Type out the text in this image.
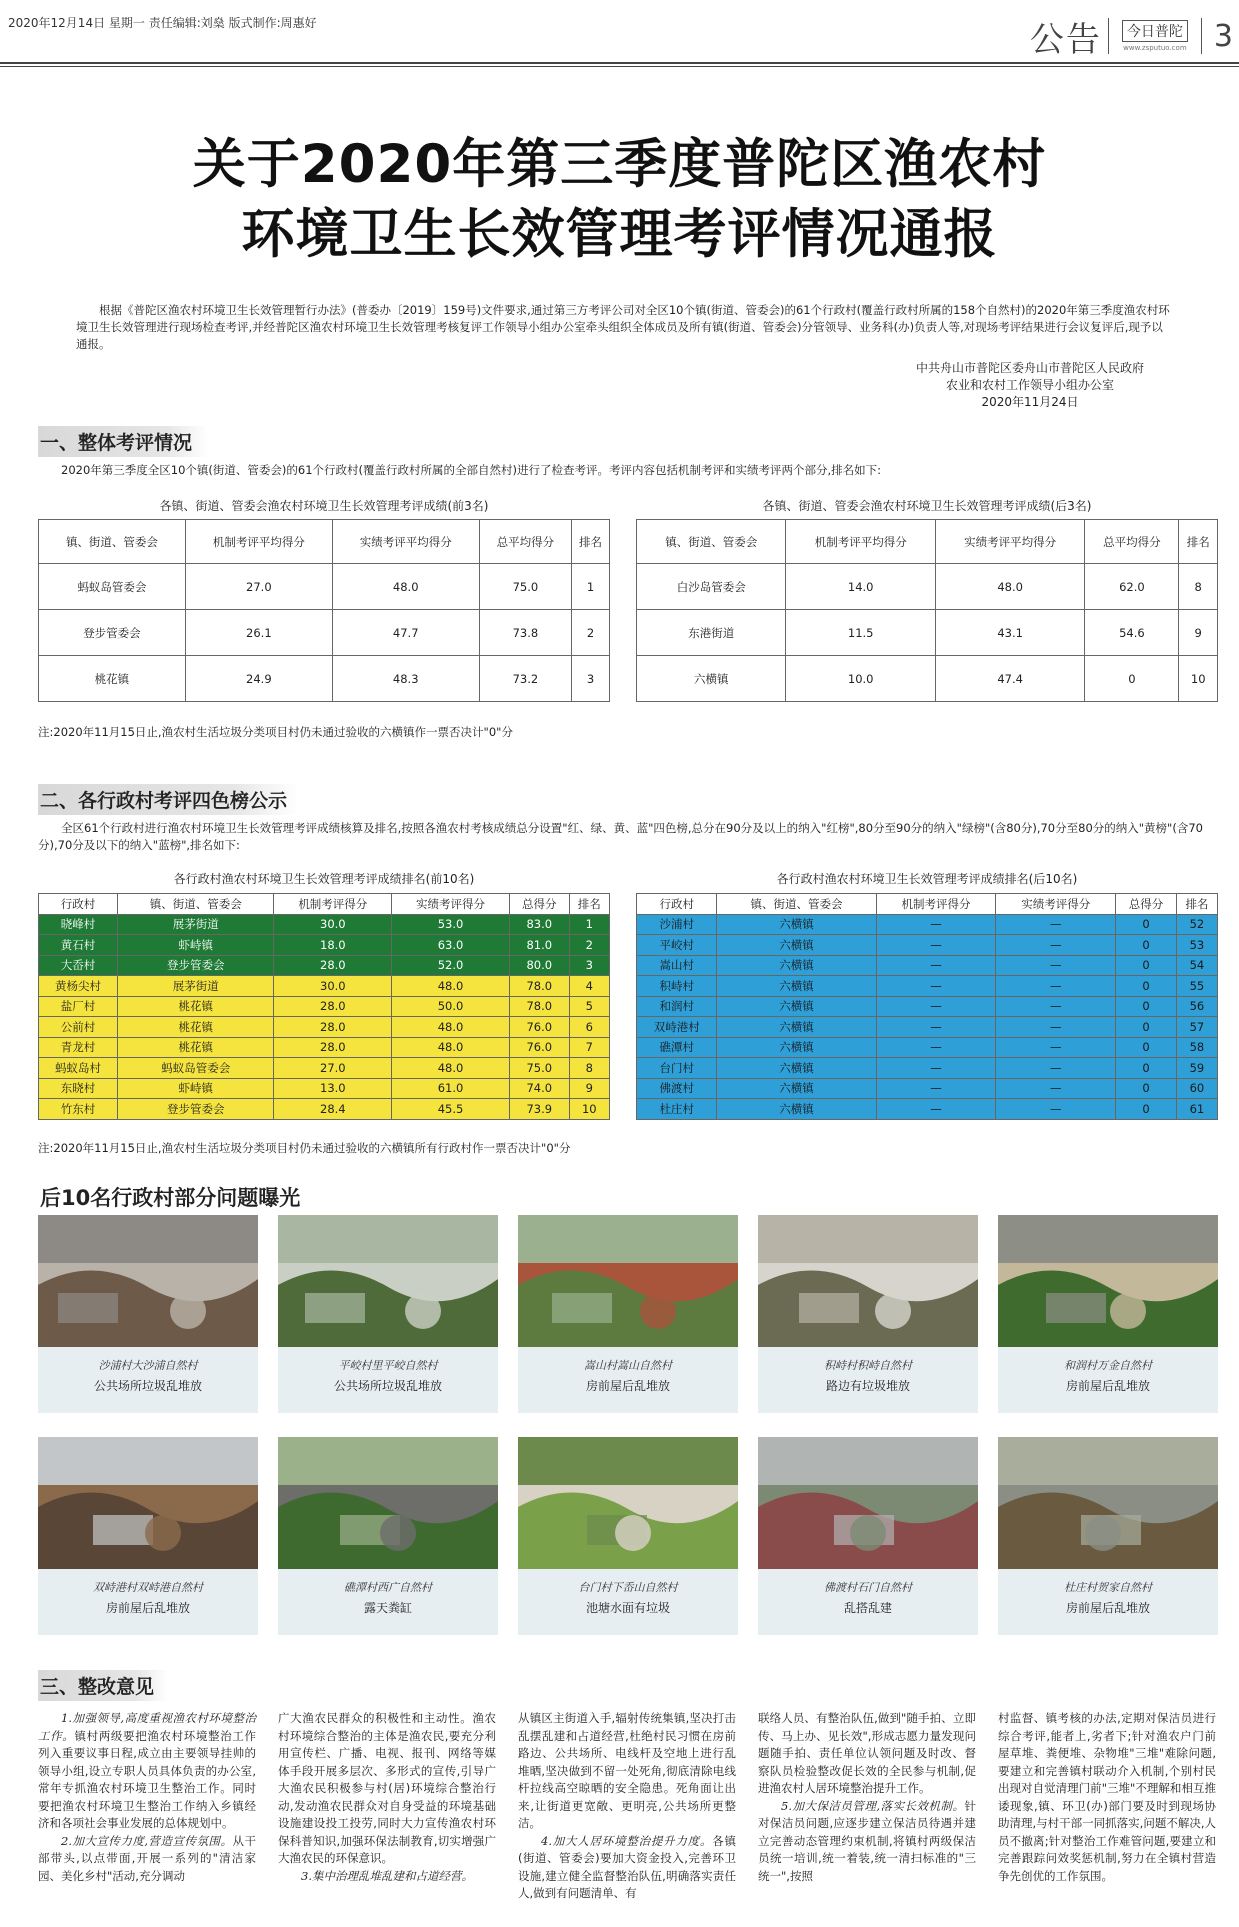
2020年12月14日 星期一 责任编辑:刘燊 版式制作:周惠好	公告	今日普陀
www.zsputuo.com 3
关于2020年第三季度普陀区渔农村
环境卫生长效管理考评情况通报
根据《普陀区渔农村环境卫生长效管理暂行办法》(普委办〔2019〕159号)文件要求,通过第三方考评公司对全区10个镇(街道、管委会)的61个行政村(覆盖行政村所属的158个自然村)的2020年第三季度渔农村环境卫生长效管理进行现场检查考评,并经普陀区渔农村环境卫生长效管理考核复评工作领导小组办公室牵头组织全体成员及所有镇(街道、管委会)分管领导、业务科(办)负责人等,对现场考评结果进行会议复评后,现予以通报。
中共舟山市普陀区委舟山市普陀区人民政府
农业和农村工作领导小组办公室
2020年11月24日
一、整体考评情况
2020年第三季度全区10个镇(街道、管委会)的61个行政村(覆盖行政村所属的全部自然村)进行了检查考评。考评内容包括机制考评和实绩考评两个部分,排名如下:
各镇、街道、管委会渔农村环境卫生长效管理考评成绩(前3名)
镇、街道、管委会	机制考评平均得分	实绩考评平均得分	总平均得分	排名
蚂蚁岛管委会	27.0	48.0	75.0	1
登步管委会	26.1	47.7	73.8	2
桃花镇	24.9	48.3	73.2	3
各镇、街道、管委会渔农村环境卫生长效管理考评成绩(后3名)
镇、街道、管委会	机制考评平均得分	实绩考评平均得分	总平均得分	排名
白沙岛管委会	14.0	48.0	62.0	8
东港街道	11.5	43.1	54.6	9
六横镇	10.0	47.4	0	10
注:2020年11月15日止,渔农村生活垃圾分类项目村仍未通过验收的六横镇作一票否决计"0"分
二、各行政村考评四色榜公示
全区61个行政村进行渔农村环境卫生长效管理考评成绩核算及排名,按照各渔农村考核成绩总分设置"红、绿、黄、蓝"四色榜,总分在90分及以上的纳入"红榜",80分至90分的纳入"绿榜"(含80分),70分至80分的纳入"黄榜"(含70分),70分及以下的纳入"蓝榜",排名如下:
各行政村渔农村环境卫生长效管理考评成绩排名(前10名)
行政村	镇、街道、管委会	机制考评得分	实绩考评得分	总得分	排名
晓峰村	展茅街道	30.0	53.0	83.0	1
黄石村	虾峙镇	18.0	63.0	81.0	2
大岙村	登步管委会	28.0	52.0	80.0	3
黄杨尖村	展茅街道	30.0	48.0	78.0	4
盐厂村	桃花镇	28.0	50.0	78.0	5
公前村	桃花镇	28.0	48.0	76.0	6
青龙村	桃花镇	28.0	48.0	76.0	7
蚂蚁岛村	蚂蚁岛管委会	27.0	48.0	75.0	8
东晓村	虾峙镇	13.0	61.0	74.0	9
竹东村	登步管委会	28.4	45.5	73.9	10
各行政村渔农村环境卫生长效管理考评成绩排名(后10名)
行政村	镇、街道、管委会	机制考评得分	实绩考评得分	总得分	排名
沙浦村	六横镇	—	—	0	52
平峧村	六横镇	—	—	0	53
嵩山村	六横镇	—	—	0	54
积峙村	六横镇	—	—	0	55
和润村	六横镇	—	—	0	56
双峙港村	六横镇	—	—	0	57
礁潭村	六横镇	—	—	0	58
台门村	六横镇	—	—	0	59
佛渡村	六横镇	—	—	0	60
杜庄村	六横镇	—	—	0	61
注:2020年11月15日止,渔农村生活垃圾分类项目村仍未通过验收的六横镇所有行政村作一票否决计"0"分
后10名行政村部分问题曝光
沙浦村大沙浦自然村
公共场所垃圾乱堆放
平峧村里平峧自然村
公共场所垃圾乱堆放
嵩山村嵩山自然村
房前屋后乱堆放
积峙村积峙自然村
路边有垃圾堆放
和润村万金自然村
房前屋后乱堆放
双峙港村双峙港自然村
房前屋后乱堆放
礁潭村西广自然村
露天粪缸
台门村下岙山自然村
池塘水面有垃圾
佛渡村石门自然村
乱搭乱建
杜庄村贺家自然村
房前屋后乱堆放
三、整改意见

1.加强领导,高度重视渔农村环境整治工作。镇村两级要把渔农村环境整治工作列入重要议事日程,成立由主要领导挂帅的领导小组,设立专职人员具体负责的办公室,常年专抓渔农村环境卫生整治工作。同时要把渔农村环境卫生整治工作纳入乡镇经济和各项社会事业发展的总体规划中。

2.加大宣传力度,营造宣传氛围。从干部带头,以点带面,开展一系列的"清洁家园、美化乡村"活动,充分调动

广大渔农民群众的积极性和主动性。渔农村环境综合整治的主体是渔农民,要充分利用宣传栏、广播、电视、报刊、网络等媒体手段开展多层次、多形式的宣传,引导广大渔农民积极参与村(居)环境综合整治行动,发动渔农民群众对自身受益的环境基础设施建设投工投劳,同时大力宣传渔农村环保科普知识,加强环保法制教育,切实增强广大渔农民的环保意识。

3.集中治理乱堆乱建和占道经营。

从镇区主街道入手,辐射传统集镇,坚决打击乱摆乱建和占道经营,杜绝村民习惯在房前路边、公共场所、电线杆及空地上进行乱堆晒,坚决做到不留一处死角,彻底清除电线杆拉线高空晾晒的安全隐患。死角面让出来,让街道更宽敞、更明亮,公共场所更整洁。

4.加大人居环境整治提升力度。各镇(街道、管委会)要加大资金投入,完善环卫设施,建立健全监督整治队伍,明确落实责任人,做到有问题清单、有

联络人员、有整治队伍,做到"随手拍、立即传、马上办、见长效",形成志愿力量发现问题随手拍、责任单位认领问题及时改、督察队员检验整改促长效的全民参与机制,促进渔农村人居环境整治提升工作。

5.加大保洁员管理,落实长效机制。针对保洁员问题,应逐步建立保洁员待遇并建立完善动态管理约束机制,将镇村两级保洁员统一培训,统一着装,统一清扫标准的"三统一",按照

村监督、镇考核的办法,定期对保洁员进行综合考评,能者上,劣者下;针对渔农户门前屋草堆、粪便堆、杂物堆"三堆"难除问题,要建立和完善镇村联动介入机制,个别村民出现对自觉清理门前"三堆"不理解和相互推诿现象,镇、环卫(办)部门要及时到现场协助清理,与村干部一同抓落实,问题不解决,人员不撤离;针对整治工作难管问题,要建立和完善跟踪问效奖惩机制,努力在全镇村营造争先创优的工作氛围。
